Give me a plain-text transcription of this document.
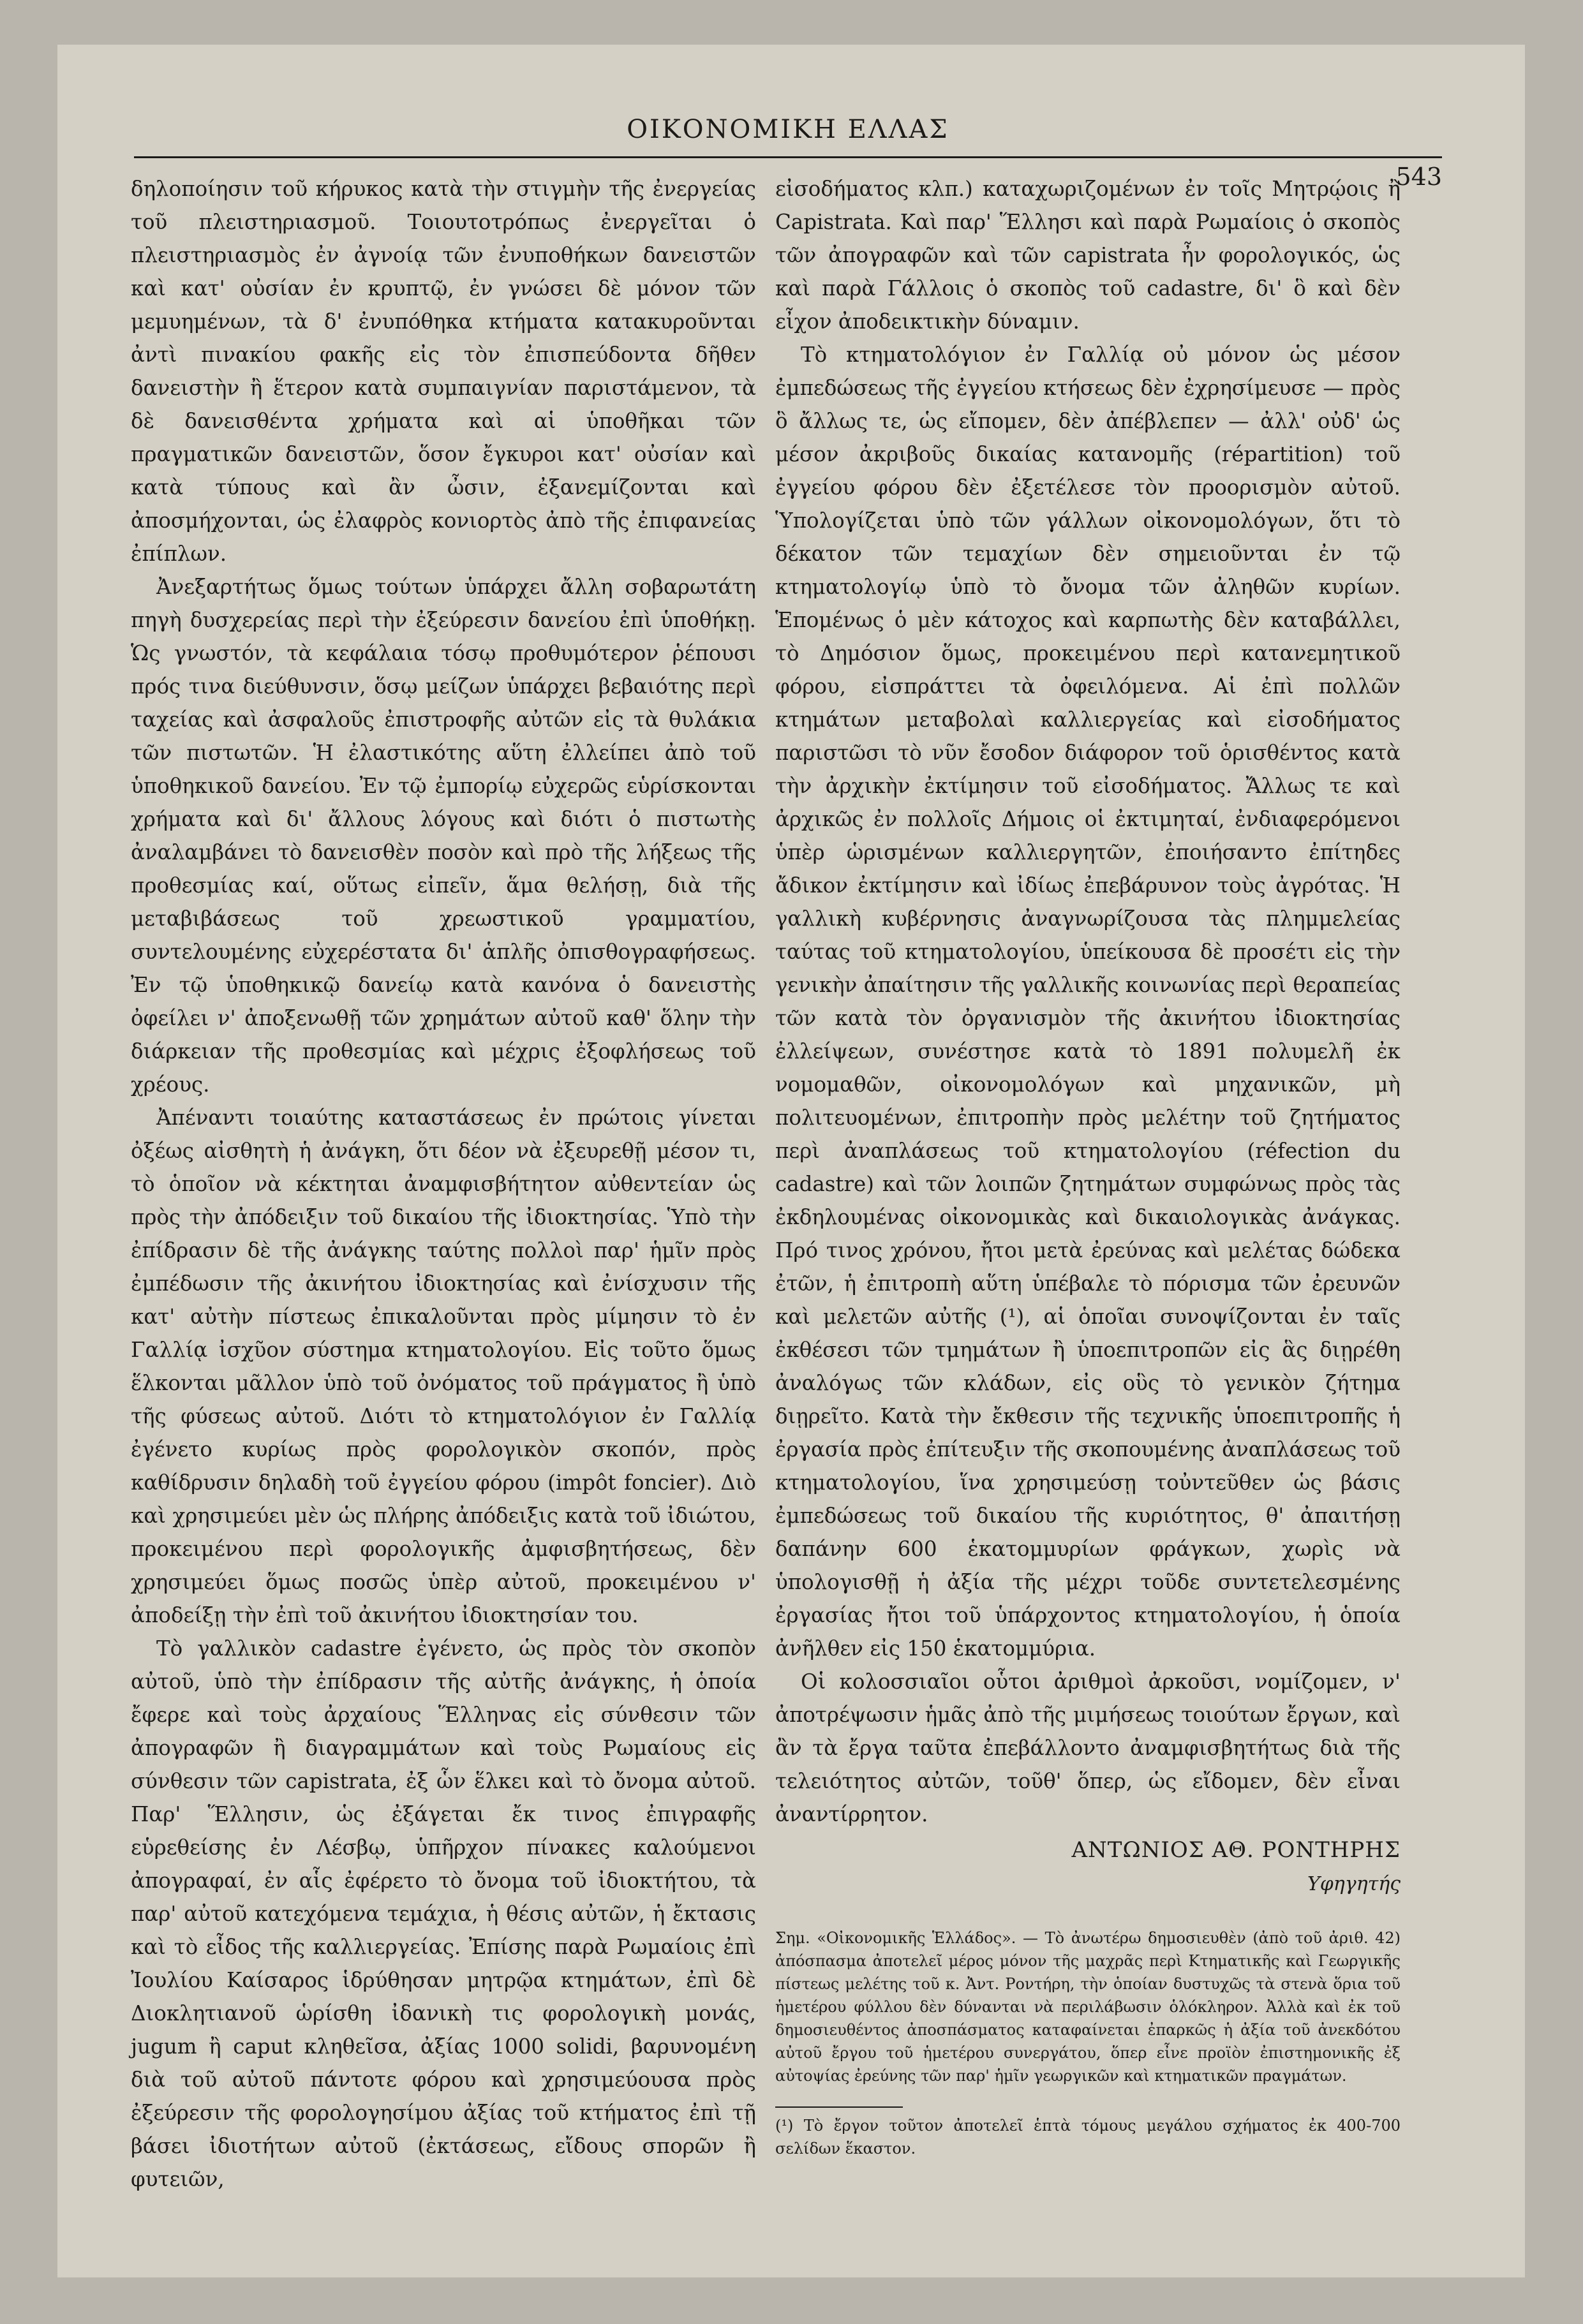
ΟΙΚΟΝΟΜΙΚΗ ΕΛΛΑΣ
543

δηλοποίησιν τοῦ κήρυκος κατὰ τὴν στιγμὴν τῆς ἐνεργείας τοῦ πλειστηριασμοῦ. Τοιουτοτρόπως ἐνεργεῖται ὁ πλειστηριασμὸς ἐν ἀγνοίᾳ τῶν ἐνυποθήκων δανειστῶν καὶ κατ' οὐσίαν ἐν κρυπτῷ, ἐν γνώσει δὲ μόνον τῶν μεμυημένων, τὰ δ' ἐνυπόθηκα κτήματα κατακυροῦνται ἀντὶ πινακίου φακῆς εἰς τὸν ἐπισπεύδοντα δῆθεν δανειστὴν ἢ ἕτερον κατὰ συμπαιγνίαν παριστάμενον, τὰ δὲ δανεισθέντα χρήματα καὶ αἱ ὑποθῆκαι τῶν πραγματικῶν δανειστῶν, ὅσον ἔγκυροι κατ' οὐσίαν καὶ κατὰ τύπους καὶ ἂν ὦσιν, ἐξανεμίζονται καὶ ἀποσμήχονται, ὡς ἐλαφρὸς κονιορτὸς ἀπὸ τῆς ἐπιφανείας ἐπίπλων.

Ἀνεξαρτήτως ὅμως τούτων ὑπάρχει ἄλλη σοβαρωτάτη πηγὴ δυσχερείας περὶ τὴν ἐξεύρεσιν δανείου ἐπὶ ὑποθήκῃ. Ὡς γνωστόν, τὰ κεφάλαια τόσῳ προθυμότερον ῥέπουσι πρός τινα διεύθυνσιν, ὅσῳ μείζων ὑπάρχει βεβαιότης περὶ ταχείας καὶ ἀσφαλοῦς ἐπιστροφῆς αὐτῶν εἰς τὰ θυλάκια τῶν πιστωτῶν. Ἡ ἐλαστικότης αὕτη ἐλλείπει ἀπὸ τοῦ ὑποθηκικοῦ δανείου. Ἐν τῷ ἐμπορίῳ εὐχερῶς εὑρίσκονται χρήματα καὶ δι' ἄλλους λόγους καὶ διότι ὁ πιστωτὴς ἀναλαμβάνει τὸ δανεισθὲν ποσὸν καὶ πρὸ τῆς λήξεως τῆς προθεσμίας καί, οὕτως εἰπεῖν, ἅμα θελήσῃ, διὰ τῆς μεταβιβάσεως τοῦ χρεωστικοῦ γραμματίου, συντελουμένης εὐχερέστατα δι' ἁπλῆς ὀπισθογραφήσεως. Ἐν τῷ ὑποθηκικῷ δανείῳ κατὰ κανόνα ὁ δανειστὴς ὀφείλει ν' ἀποξενωθῇ τῶν χρημάτων αὐτοῦ καθ' ὅλην τὴν διάρκειαν τῆς προθεσμίας καὶ μέχρις ἐξοφλήσεως τοῦ χρέους.

Ἀπέναντι τοιαύτης καταστάσεως ἐν πρώτοις γίνεται ὀξέως αἰσθητὴ ἡ ἀνάγκη, ὅτι δέον νὰ ἐξευρεθῇ μέσον τι, τὸ ὁποῖον νὰ κέκτηται ἀναμφισβήτητον αὐθεντείαν ὡς πρὸς τὴν ἀπόδειξιν τοῦ δικαίου τῆς ἰδιοκτησίας. Ὑπὸ τὴν ἐπίδρασιν δὲ τῆς ἀνάγκης ταύτης πολλοὶ παρ' ἡμῖν πρὸς ἐμπέδωσιν τῆς ἀκινήτου ἰδιοκτησίας καὶ ἐνίσχυσιν τῆς κατ' αὐτὴν πίστεως ἐπικαλοῦνται πρὸς μίμησιν τὸ ἐν Γαλλίᾳ ἰσχῦον σύστημα κτηματολογίου. Εἰς τοῦτο ὅμως ἕλκονται μᾶλλον ὑπὸ τοῦ ὀνόματος τοῦ πράγματος ἢ ὑπὸ τῆς φύσεως αὐτοῦ. Διότι τὸ κτηματολόγιον ἐν Γαλλίᾳ ἐγένετο κυρίως πρὸς φορολογικὸν σκοπόν, πρὸς καθίδρυσιν δηλαδὴ τοῦ ἐγγείου φόρου (impôt foncier). Διὸ καὶ χρησιμεύει μὲν ὡς πλήρης ἀπόδειξις κατὰ τοῦ ἰδιώτου, προκειμένου περὶ φορολογικῆς ἀμφισβητήσεως, δὲν χρησιμεύει ὅμως ποσῶς ὑπὲρ αὐτοῦ, προκειμένου ν' ἀποδείξῃ τὴν ἐπὶ τοῦ ἀκινήτου ἰδιοκτησίαν του.

Τὸ γαλλικὸν cadastre ἐγένετο, ὡς πρὸς τὸν σκοπὸν αὐτοῦ, ὑπὸ τὴν ἐπίδρασιν τῆς αὐτῆς ἀνάγκης, ἡ ὁποία ἔφερε καὶ τοὺς ἀρχαίους Ἕλληνας εἰς σύνθεσιν τῶν ἀπογραφῶν ἢ διαγραμμάτων καὶ τοὺς Ρωμαίους εἰς σύνθεσιν τῶν capistrata, ἐξ ὧν ἕλκει καὶ τὸ ὄνομα αὐτοῦ. Παρ' Ἕλλησιν, ὡς ἐξάγεται ἔκ τινος ἐπιγραφῆς εὑρεθείσης ἐν Λέσβῳ, ὑπῆρχον πίνακες καλούμενοι ἀπογραφαί, ἐν αἷς ἐφέρετο τὸ ὄνομα τοῦ ἰδιοκτήτου, τὰ παρ' αὐτοῦ κατεχόμενα τεμάχια, ἡ θέσις αὐτῶν, ἡ ἔκτασις καὶ τὸ εἶδος τῆς καλλιεργείας. Ἐπίσης παρὰ Ρωμαίοις ἐπὶ Ἰουλίου Καίσαρος ἱδρύθησαν μητρῷα κτημάτων, ἐπὶ δὲ Διοκλητιανοῦ ὡρίσθη ἰδανικὴ τις φορολογικὴ μονάς, jugum ἢ caput κληθεῖσα, ἀξίας 1000 solidi, βαρυνομένη διὰ τοῦ αὐτοῦ πάντοτε φόρου καὶ χρησιμεύουσα πρὸς ἐξεύρεσιν τῆς φορολογησίμου ἀξίας τοῦ κτήματος ἐπὶ τῇ βάσει ἰδιοτήτων αὐτοῦ (ἐκτάσεως, εἴδους σπορῶν ἢ φυτειῶν,

εἰσοδήματος κλπ.) καταχωριζομένων ἐν τοῖς Μητρῴοις ἢ Capistrata. Καὶ παρ' Ἕλλησι καὶ παρὰ Ρωμαίοις ὁ σκοπὸς τῶν ἀπογραφῶν καὶ τῶν capistrata ἦν φορολογικός, ὡς καὶ παρὰ Γάλλοις ὁ σκοπὸς τοῦ cadastre, δι' ὃ καὶ δὲν εἶχον ἀποδεικτικὴν δύναμιν.

Τὸ κτηματολόγιον ἐν Γαλλίᾳ οὐ μόνον ὡς μέσον ἐμπεδώσεως τῆς ἐγγείου κτήσεως δὲν ἐχρησίμευσε — πρὸς ὃ ἄλλως τε, ὡς εἴπομεν, δὲν ἀπέβλεπεν — ἀλλ' οὐδ' ὡς μέσον ἀκριβοῦς δικαίας κατανομῆς (répartition) τοῦ ἐγγείου φόρου δὲν ἐξετέλεσε τὸν προορισμὸν αὐτοῦ. Ὑπολογίζεται ὑπὸ τῶν γάλλων οἰκονομολόγων, ὅτι τὸ δέκατον τῶν τεμαχίων δὲν σημειοῦνται ἐν τῷ κτηματολογίῳ ὑπὸ τὸ ὄνομα τῶν ἀληθῶν κυρίων. Ἑπομένως ὁ μὲν κάτοχος καὶ καρπωτὴς δὲν καταβάλλει, τὸ Δημόσιον ὅμως, προκειμένου περὶ κατανεμητικοῦ φόρου, εἰσπράττει τὰ ὀφειλόμενα. Αἱ ἐπὶ πολλῶν κτημάτων μεταβολαὶ καλλιεργείας καὶ εἰσοδήματος παριστῶσι τὸ νῦν ἔσοδον διάφορον τοῦ ὁρισθέντος κατὰ τὴν ἀρχικὴν ἐκτίμησιν τοῦ εἰσοδήματος. Ἄλλως τε καὶ ἀρχικῶς ἐν πολλοῖς Δήμοις οἱ ἐκτιμηταί, ἐνδιαφερόμενοι ὑπὲρ ὡρισμένων καλλιεργητῶν, ἐποιήσαντο ἐπίτηδες ἄδικον ἐκτίμησιν καὶ ἰδίως ἐπεβάρυνον τοὺς ἀγρότας. Ἡ γαλλικὴ κυβέρνησις ἀναγνωρίζουσα τὰς πλημμελείας ταύτας τοῦ κτηματολογίου, ὑπείκουσα δὲ προσέτι εἰς τὴν γενικὴν ἀπαίτησιν τῆς γαλλικῆς κοινωνίας περὶ θεραπείας τῶν κατὰ τὸν ὀργανισμὸν τῆς ἀκινήτου ἰδιοκτησίας ἐλλείψεων, συνέστησε κατὰ τὸ 1891 πολυμελῆ ἐκ νομομαθῶν, οἰκονομολόγων καὶ μηχανικῶν, μὴ πολιτευομένων, ἐπιτροπὴν πρὸς μελέτην τοῦ ζητήματος περὶ ἀναπλάσεως τοῦ κτηματολογίου (réfection du cadastre) καὶ τῶν λοιπῶν ζητημάτων συμφώνως πρὸς τὰς ἐκδηλουμένας οἰκονομικὰς καὶ δικαιολογικὰς ἀνάγκας. Πρό τινος χρόνου, ἤτοι μετὰ ἐρεύνας καὶ μελέτας δώδεκα ἐτῶν, ἡ ἐπιτροπὴ αὕτη ὑπέβαλε τὸ πόρισμα τῶν ἐρευνῶν καὶ μελετῶν αὐτῆς (¹), αἱ ὁποῖαι συνοψίζονται ἐν ταῖς ἐκθέσεσι τῶν τμημάτων ἢ ὑποεπιτροπῶν εἰς ἃς διῃρέθη ἀναλόγως τῶν κλάδων, εἰς οὓς τὸ γενικὸν ζήτημα διῃρεῖτο. Κατὰ τὴν ἔκθεσιν τῆς τεχνικῆς ὑποεπιτροπῆς ἡ ἐργασία πρὸς ἐπίτευξιν τῆς σκοπουμένης ἀναπλάσεως τοῦ κτηματολογίου, ἵνα χρησιμεύσῃ τοὐντεῦθεν ὡς βάσις ἐμπεδώσεως τοῦ δικαίου τῆς κυριότητος, θ' ἀπαιτήσῃ δαπάνην 600 ἑκατομμυρίων φράγκων, χωρὶς νὰ ὑπολογισθῇ ἡ ἀξία τῆς μέχρι τοῦδε συντετελεσμένης ἐργασίας ἤτοι τοῦ ὑπάρχοντος κτηματολογίου, ἡ ὁποία ἀνῆλθεν εἰς 150 ἑκατομμύρια.

Οἱ κολοσσιαῖοι οὗτοι ἀριθμοὶ ἀρκοῦσι, νομίζομεν, ν' ἀποτρέψωσιν ἡμᾶς ἀπὸ τῆς μιμήσεως τοιούτων ἔργων, καὶ ἂν τὰ ἔργα ταῦτα ἐπεβάλλοντο ἀναμφισβητήτως διὰ τῆς τελειότητος αὐτῶν, τοῦθ' ὅπερ, ὡς εἴδομεν, δὲν εἶναι ἀναντίρρητον.

ΑΝΤΩΝΙΟΣ ΑΘ. ΡΟΝΤΗΡΗΣ
Υφηγητής
Σημ. «Οἰκονομικῆς Ἑλλάδος». — Τὸ ἀνωτέρω δημοσιευθὲν (ἀπὸ τοῦ ἀριθ. 42) ἀπόσπασμα ἀποτελεῖ μέρος μόνον τῆς μαχρᾶς περὶ Κτηματικῆς καὶ Γεωργικῆς πίστεως μελέτης τοῦ κ. Ἀντ. Ροντήρη, τὴν ὁποίαν δυστυχῶς τὰ στενὰ ὅρια τοῦ ἡμετέρου φύλλου δὲν δύνανται νὰ περιλάβωσιν ὁλόκληρον. Ἀλλὰ καὶ ἐκ τοῦ δημοσιευθέντος ἀποσπάσματος καταφαίνεται ἐπαρκῶς ἡ ἀξία τοῦ ἀνεκδότου αὐτοῦ ἔργου τοῦ ἡμετέρου συνεργάτου, ὅπερ εἶνε προϊὸν ἐπιστημονικῆς ἐξ αὐτοψίας ἐρεύνης τῶν παρ' ἡμῖν γεωργικῶν καὶ κτηματικῶν πραγμάτων.
(¹) Τὸ ἔργον τοῦτον ἀποτελεῖ ἑπτὰ τόμους μεγάλου σχήματος ἐκ 400-700 σελίδων ἕκαστον.
